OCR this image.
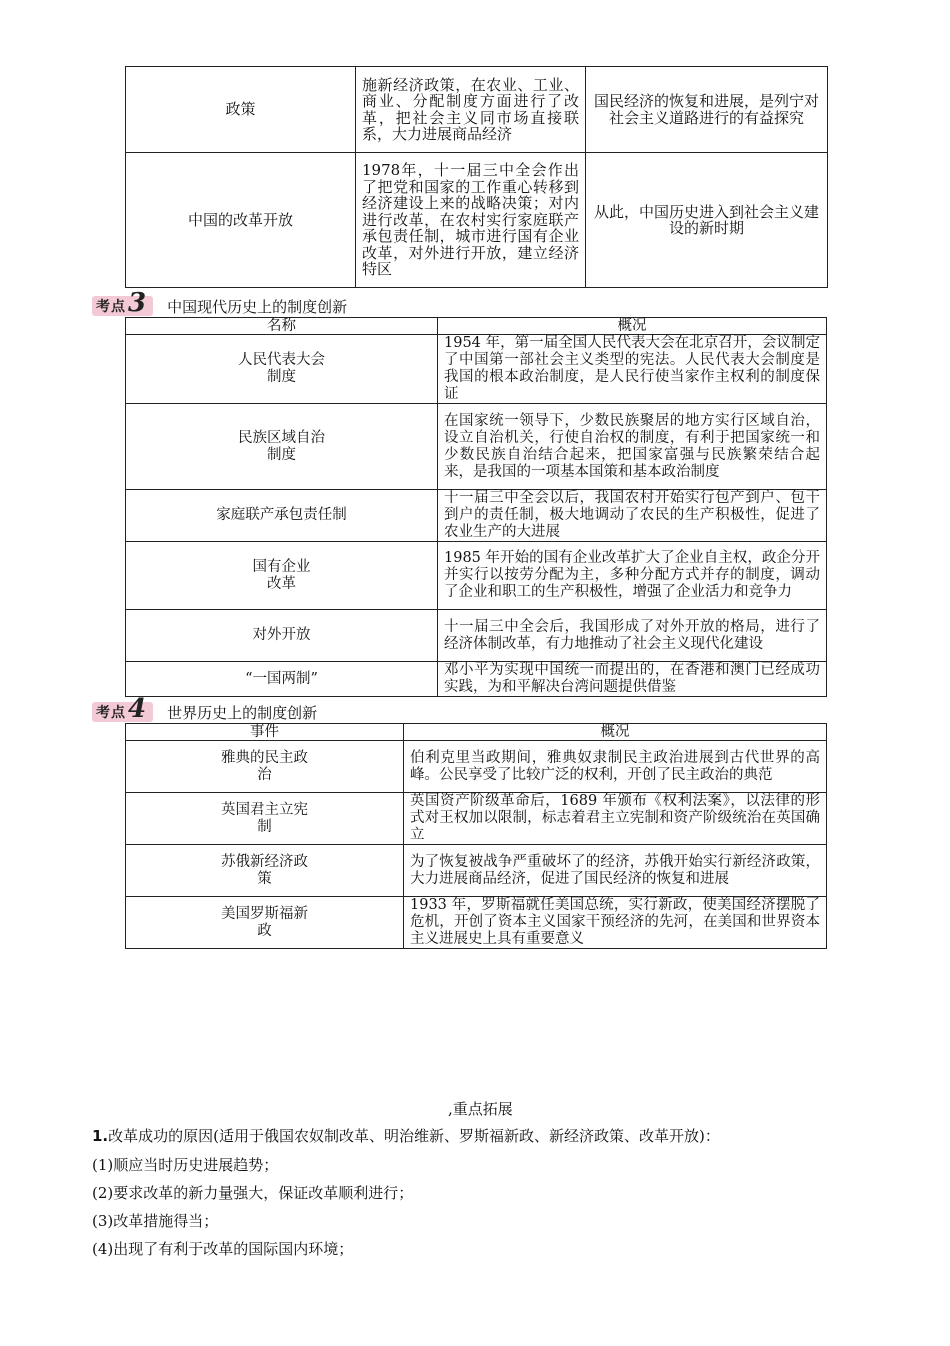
政策	施新经济政策，在农业、工业、商业、分配制度方面进行了改革，把社会主义同市场直接联系，大力进展商品经济	国民经济的恢复和进展，是列宁对社会主义道路进行的有益探究
中国的改革开放	1978年，十一届三中全会作出了把党和国家的工作重心转移到经济建设上来的战略决策；对内进行改革，在农村实行家庭联产承包责任制，城市进行国有企业改革，对外进行开放，建立经济特区	从此，中国历史进入到社会主义建设的新时期
考点 3 中国现代历史上的制度创新
名称	概况
人民代表大会制度	1954 年，第一届全国人民代表大会在北京召开，会议制定了中国第一部社会主义类型的宪法。人民代表大会制度是我国的根本政治制度，是人民行使当家作主权利的制度保证
民族区域自治制度	在国家统一领导下，少数民族聚居的地方实行区域自治，设立自治机关，行使自治权的制度，有利于把国家统一和少数民族自治结合起来，把国家富强与民族繁荣结合起来，是我国的一项基本国策和基本政治制度
家庭联产承包责任制	十一届三中全会以后，我国农村开始实行包产到户、包干到户的责任制，极大地调动了农民的生产积极性，促进了农业生产的大进展
国有企业改革	1985 年开始的国有企业改革扩大了企业自主权，政企分开并实行以按劳分配为主，多种分配方式并存的制度，调动了企业和职工的生产积极性，增强了企业活力和竞争力
对外开放	十一届三中全会后，我国形成了对外开放的格局，进行了经济体制改革，有力地推动了社会主义现代化建设
“一国两制”	邓小平为实现中国统一而提出的，在香港和澳门已经成功实践，为和平解决台湾问题提供借鉴
考点 4 世界历史上的制度创新
事件	概况
雅典的民主政治	伯利克里当政期间，雅典奴隶制民主政治进展到古代世界的高峰。公民享受了比较广泛的权利，开创了民主政治的典范
英国君主立宪制	英国资产阶级革命后，1689 年颁布《权利法案》，以法律的形式对王权加以限制，标志着君主立宪制和资产阶级统治在英国确立
苏俄新经济政策	为了恢复被战争严重破坏了的经济，苏俄开始实行新经济政策，大力进展商品经济，促进了国民经济的恢复和进展
美国罗斯福新政	1933 年，罗斯福就任美国总统，实行新政，使美国经济摆脱了危机，开创了资本主义国家干预经济的先河，在美国和世界资本主义进展史上具有重要意义
,重点拓展
1.改革成功的原因(适用于俄国农奴制改革、明治维新、罗斯福新政、新经济政策、改革开放)：
(1)顺应当时历史进展趋势；
(2)要求改革的新力量强大，保证改革顺利进行；
(3)改革措施得当；
(4)出现了有利于改革的国际国内环境；
